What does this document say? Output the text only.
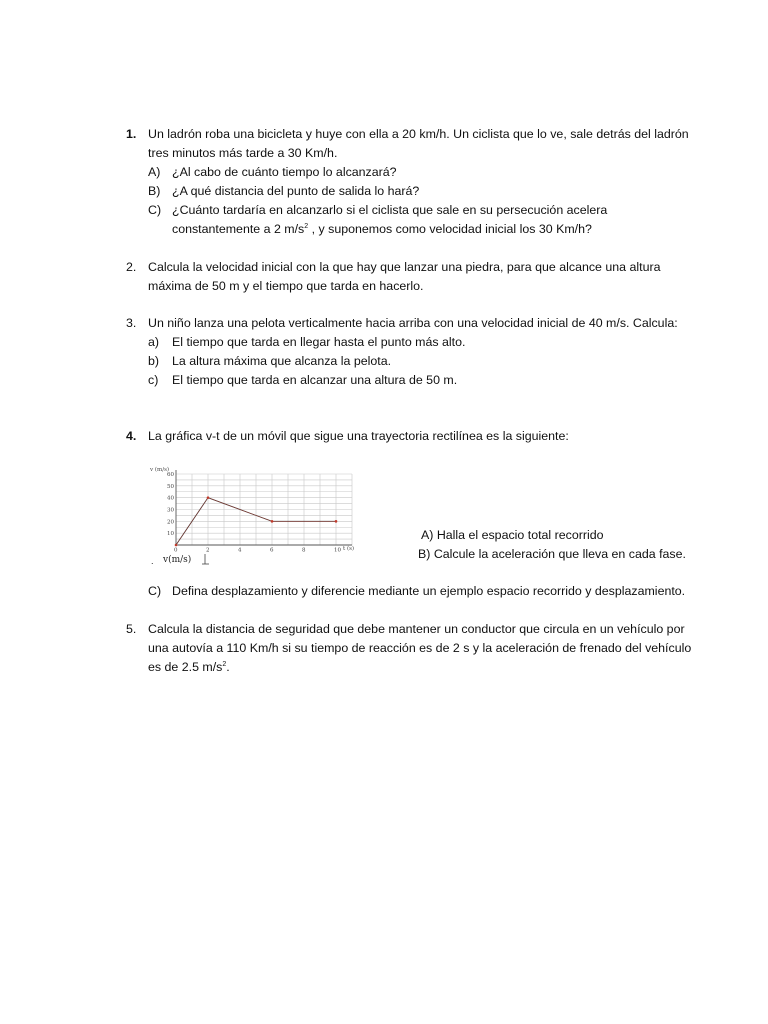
1. Un ladrón roba una bicicleta y huye con ella a 20 km/h. Un ciclista que lo ve, sale detrás del ladrón tres minutos más tarde a 30 Km/h.
A) ¿Al cabo de cuánto tiempo lo alcanzará?
B) ¿A qué distancia del punto de salida lo hará?
C) ¿Cuánto tardaría en alcanzarlo si el ciclista que sale en su persecución acelera constantemente a 2 $m/s^2$ , y suponemos como velocidad inicial los 30 Km/h?
2. Calcula la velocidad inicial con la que hay que lanzar una piedra, para que alcance una altura máxima de 50 m y el tiempo que tarda en hacerlo.
3. Un niño lanza una pelota verticalmente hacia arriba con una velocidad inicial de 40 m/s. Calcula:
a) El tiempo que tarda en llegar hasta el punto más alto.
b) La altura máxima que alcanza la pelota.
c) El tiempo que tarda en alcanzar una altura de 50 m.
4. La gráfica v-t de un móvil que sigue una trayectoria rectilínea es la siguiente:
0	2	4	6	8	10
10
20
30
40
50
60
v (m/s)
t (s)
v(m/s)
.
A) Halla el espacio total recorrido
B) Calcule la aceleración que lleva en cada fase.
C) Defina desplazamiento y diferencie mediante un ejemplo espacio recorrido y desplazamiento.
5. Calcula la distancia de seguridad que debe mantener un conductor que circula en un vehículo por una autovía a 110 Km/h si su tiempo de reacción es de 2 s y la aceleración de frenado del vehículo es de 2.5 $m/s^2$.
